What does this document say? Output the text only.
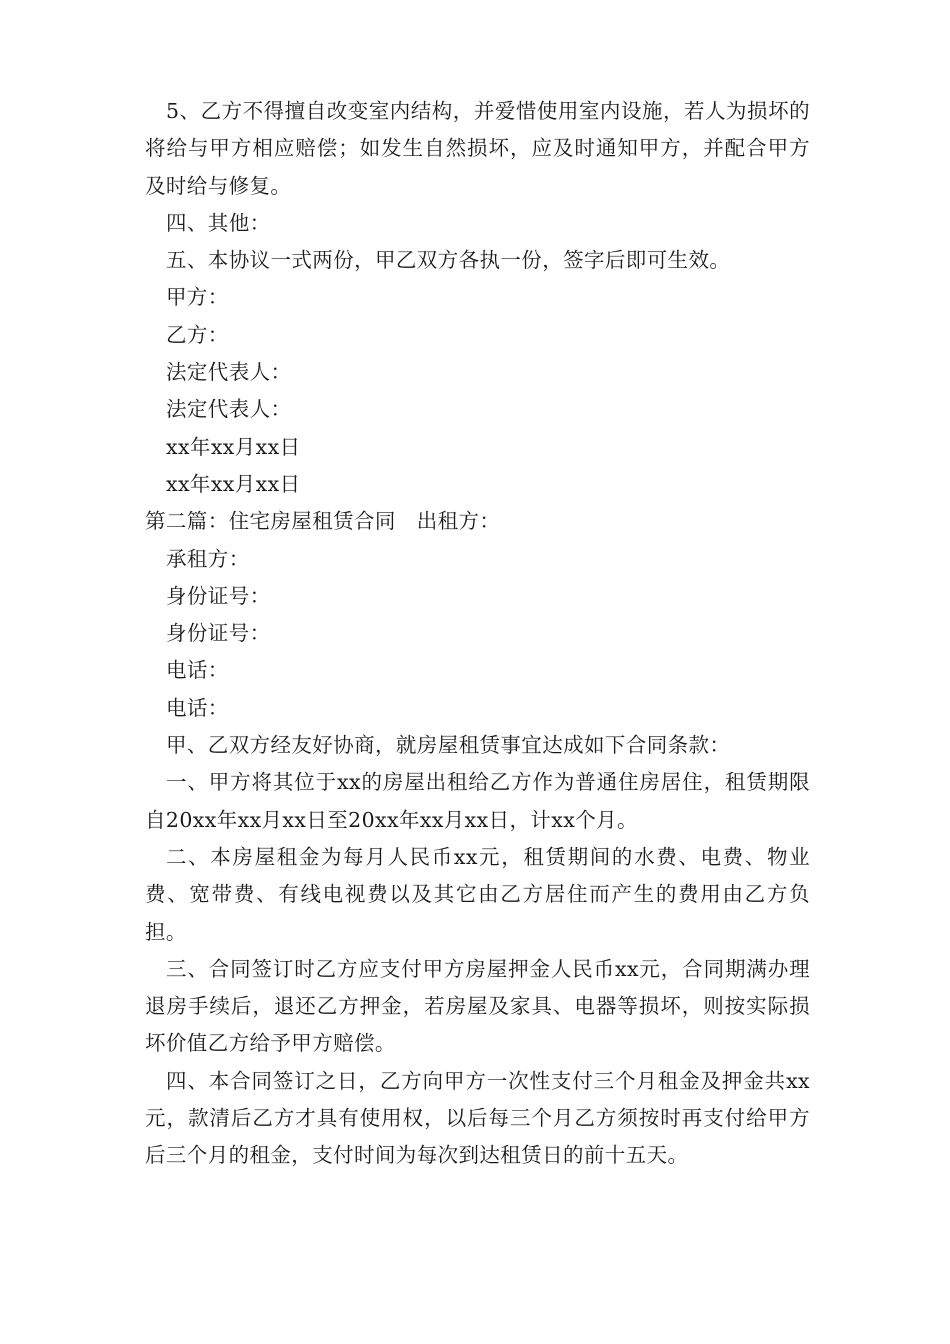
5、乙方不得擅自改变室内结构，并爱惜使用室内设施，若人为损坏的将给与甲方相应赔偿；如发生自然损坏，应及时通知甲方，并配合甲方及时给与修复。

四、其他：

五、本协议一式两份，甲乙双方各执一份，签字后即可生效。

甲方：

乙方：

法定代表人：

法定代表人：

xx年xx月xx日

xx年xx月xx日

第二篇：住宅房屋租赁合同　出租方：

承租方：

身份证号：

身份证号：

电话：

电话：

甲、乙双方经友好协商，就房屋租赁事宜达成如下合同条款：

一、甲方将其位于xx的房屋出租给乙方作为普通住房居住，租赁期限自20xx年xx月xx日至20xx年xx月xx日，计xx个月。

二、本房屋租金为每月人民币xx元，租赁期间的水费、电费、物业费、宽带费、有线电视费以及其它由乙方居住而产生的费用由乙方负担。

三、合同签订时乙方应支付甲方房屋押金人民币xx元，合同期满办理退房手续后，退还乙方押金，若房屋及家具、电器等损坏，则按实际损坏价值乙方给予甲方赔偿。

四、本合同签订之日，乙方向甲方一次性支付三个月租金及押金共xx元，款清后乙方才具有使用权，以后每三个月乙方须按时再支付给甲方后三个月的租金，支付时间为每次到达租赁日的前十五天。
